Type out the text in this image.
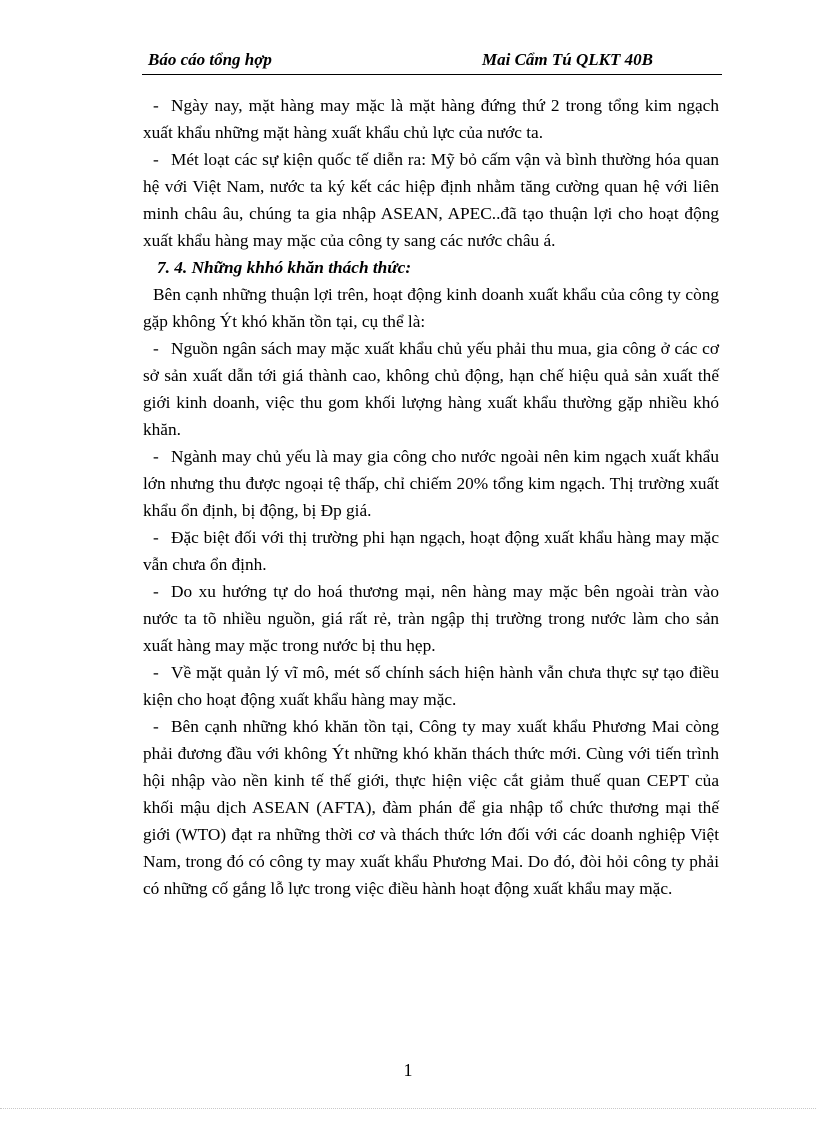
Báo cáo tổng hợp	Mai Cẩm Tú QLKT 40B

- Ngày nay, mặt hàng may mặc là mặt hàng đứng thứ 2 trong tổng kim ngạch xuất khẩu những mặt hàng xuất khẩu chủ lực của nước ta.

- Mét loạt các sự kiện quốc tế diễn ra: Mỹ bỏ cấm vận và bình thường hóa quan hệ với Việt Nam, nước ta ký kết các hiệp định nhằm tăng cường quan hệ với liên minh châu âu, chúng ta gia nhập ASEAN, APEC..đã tạo thuận lợi cho hoạt động xuất khẩu hàng may mặc của công ty sang các nước châu á.

7. 4. Những khhó khăn thách thức:

Bên cạnh những thuận lợi trên, hoạt động kinh doanh xuất khẩu của công ty còng gặp không Ýt khó khăn tồn tại, cụ thể là:

- Nguồn ngân sách may mặc xuất khẩu chủ yếu phải thu mua, gia công ở các cơ sở sản xuất dẫn tới giá thành cao, không chủ động, hạn chế hiệu quả sản xuất thế giới kinh doanh, việc thu gom khối lượng hàng xuất khẩu thường gặp nhiều khó khăn.

- Ngành may chủ yếu là may gia công cho nước ngoài nên kim ngạch xuất khẩu lớn nhưng thu được ngoại tệ thấp, chỉ chiếm 20% tổng kim ngạch. Thị trường xuất khẩu ổn định, bị động, bị Ðp giá.

- Đặc biệt đối với thị trường phi hạn ngạch, hoạt động xuất khẩu hàng may mặc vẫn chưa ổn định.

- Do xu hướng tự do hoá thương mại, nên hàng may mặc bên ngoài tràn vào nước ta tõ nhiều nguồn, giá rất rẻ, tràn ngập thị trường trong nước làm cho sản xuất hàng may mặc trong nước bị thu hẹp.

- Về mặt quản lý vĩ mô, mét số chính sách hiện hành vẫn chưa thực sự tạo điều kiện cho hoạt động xuất khẩu hàng may mặc.

- Bên cạnh những khó khăn tồn tại, Công ty may xuất khẩu Phương Mai còng phải đương đầu với không Ýt những khó khăn thách thức mới. Cùng với tiến trình hội nhập vào nền kinh tế thế giới, thực hiện việc cắt giảm thuế quan CEPT của khối mậu dịch ASEAN (AFTA), đàm phán để gia nhập tổ chức thương mại thế giới (WTO) đạt ra những thời cơ và thách thức lớn đối với các doanh nghiệp Việt Nam, trong đó có công ty may xuất khẩu Phương Mai. Do đó, đòi hỏi công ty phải có những cố gắng lỗ lực trong việc điều hành hoạt động xuất khẩu may mặc.

1
